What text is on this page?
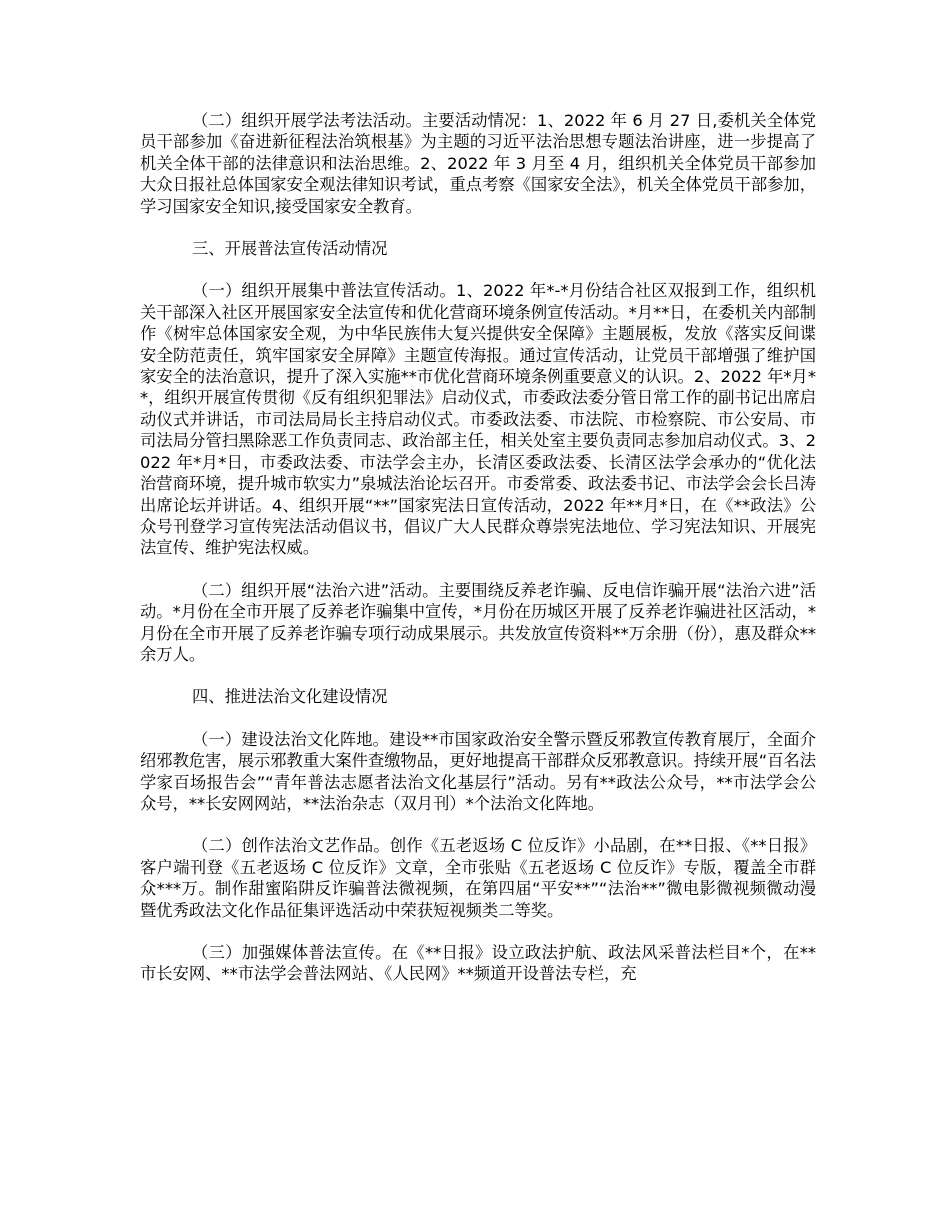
（二）组织开展学法考法活动。主要活动情况：1、2022 年 6 月 27 日,委机关全体党员干部参加《奋进新征程法治筑根基》为主题的习近平法治思想专题法治讲座，进一步提高了机关全体干部的法律意识和法治思维。2、2022 年 3 月至 4 月，组织机关全体党员干部参加大众日报社总体国家安全观法律知识考试，重点考察《国家安全法》，机关全体党员干部参加，学习国家安全知识,接受国家安全教育。

三、开展普法宣传活动情况

（一）组织开展集中普法宣传活动。1、2022 年*-*月份结合社区双报到工作，组织机关干部深入社区开展国家安全法宣传和优化营商环境条例宣传活动。*月**日，在委机关内部制作《树牢总体国家安全观，为中华民族伟大复兴提供安全保障》主题展板，发放《落实反间谍安全防范责任，筑牢国家安全屏障》主题宣传海报。通过宣传活动，让党员干部增强了维护国家安全的法治意识，提升了深入实施**市优化营商环境条例重要意义的认识。2、2022 年*月**，组织开展宣传贯彻《反有组织犯罪法》启动仪式，市委政法委分管日常工作的副书记出席启动仪式并讲话，市司法局局长主持启动仪式。市委政法委、市法院、市检察院、市公安局、市司法局分管扫黑除恶工作负责同志、政治部主任，相关处室主要负责同志参加启动仪式。3、2022 年*月*日，市委政法委、市法学会主办，长清区委政法委、长清区法学会承办的“优化法治营商环境，提升城市软实力”泉城法治论坛召开。市委常委、政法委书记、市法学会会长吕涛出席论坛并讲话。4、组织开展“**”国家宪法日宣传活动，2022 年**月*日，在《**政法》公众号刊登学习宣传宪法活动倡议书，倡议广大人民群众尊崇宪法地位、学习宪法知识、开展宪法宣传、维护宪法权威。

（二）组织开展“法治六进”活动。主要围绕反养老诈骗、反电信诈骗开展“法治六进”活动。*月份在全市开展了反养老诈骗集中宣传，*月份在历城区开展了反养老诈骗进社区活动，*月份在全市开展了反养老诈骗专项行动成果展示。共发放宣传资料**万余册（份），惠及群众**余万人。

四、推进法治文化建设情况

（一）建设法治文化阵地。建设**市国家政治安全警示暨反邪教宣传教育展厅，全面介绍邪教危害，展示邪教重大案件查缴物品，更好地提高干部群众反邪教意识。持续开展“百名法学家百场报告会”“青年普法志愿者法治文化基层行”活动。另有**政法公众号，**市法学会公众号，**长安网网站，**法治杂志（双月刊）*个法治文化阵地。

（二）创作法治文艺作品。创作《五老返场 C 位反诈》小品剧，在**日报、《**日报》客户端刊登《五老返场 C 位反诈》文章，全市张贴《五老返场 C 位反诈》专版，覆盖全市群众***万。制作甜蜜陷阱反诈骗普法微视频，在第四届“平安**”“法治**”微电影微视频微动漫暨优秀政法文化作品征集评选活动中荣获短视频类二等奖。

（三）加强媒体普法宣传。在《**日报》设立政法护航、政法风采普法栏目*个，在**市长安网、**市法学会普法网站、《人民网》**频道开设普法专栏，充
